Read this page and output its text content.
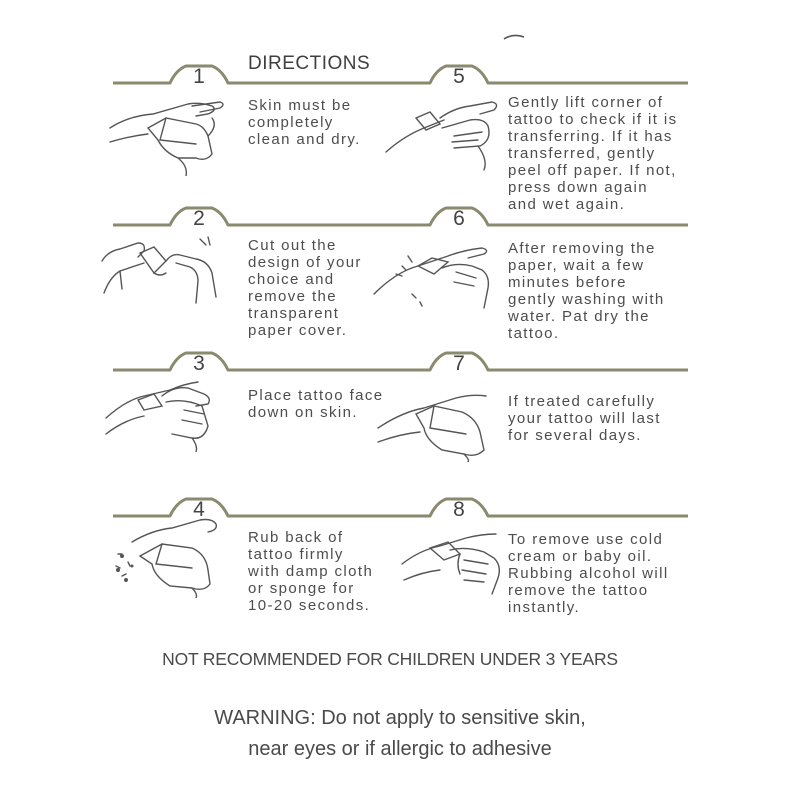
DIRECTIONS
1
2
3
4
5
6
7
8
Skin must be
completely
clean and dry.
Cut out the
design of your
choice and
remove the
transparent
paper cover.
Place tattoo face
down on skin.
Rub back of
tattoo firmly
with damp cloth
or sponge for
10-20 seconds.
Gently lift corner of
tattoo to check if it is
transferring. If it has
transferred, gently
peel off paper. If not,
press down again
and wet again.
After removing the
paper, wait a few
minutes before
gently washing with
water. Pat dry the
tattoo.
If treated carefully
your tattoo will last
for several days.
To remove use cold
cream or baby oil.
Rubbing alcohol will
remove the tattoo
instantly.
NOT RECOMMENDED FOR CHILDREN UNDER 3 YEARS
WARNING: Do not apply to sensitive skin,
near eyes or if allergic to adhesive
